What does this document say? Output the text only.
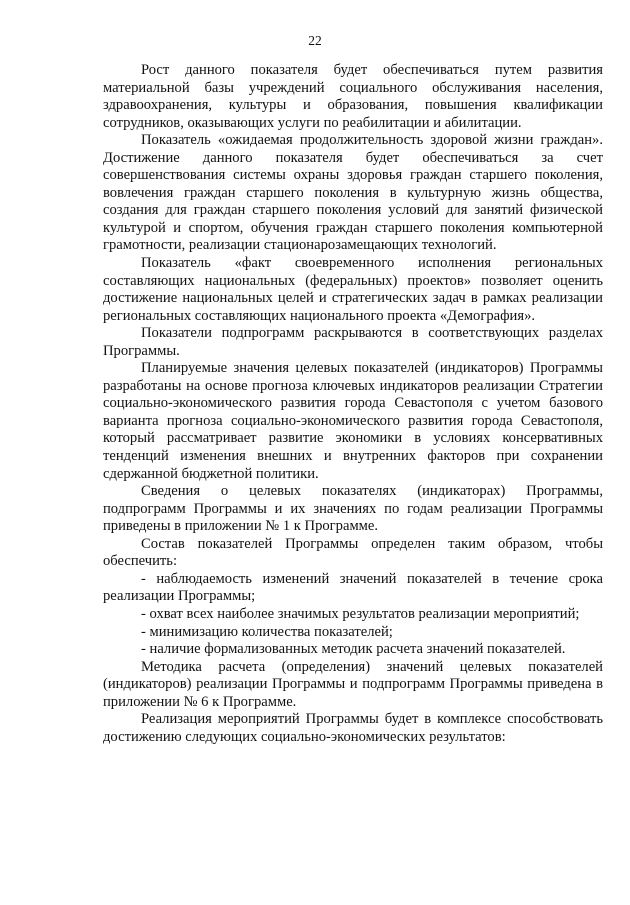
22

Рост данного показателя будет обеспечиваться путем развития материальной базы учреждений социального обслуживания населения, здравоохранения, культуры и образования, повышения квалификации сотрудников, оказывающих услуги по реабилитации и абилитации.

Показатель «ожидаемая продолжительность здоровой жизни граждан». Достижение данного показателя будет обеспечиваться за счет совершенствования системы охраны здоровья граждан старшего поколения, вовлечения граждан старшего поколения в культурную жизнь общества, создания для граждан старшего поколения условий для занятий физической культурой и спортом, обучения граждан старшего поколения компьютерной грамотности, реализации стационарозамещающих технологий.

Показатель «факт своевременного исполнения региональных составляющих национальных (федеральных) проектов» позволяет оценить достижение национальных целей и стратегических задач в рамках реализации региональных составляющих национального проекта «Демография».

Показатели подпрограмм раскрываются в соответствующих разделах Программы.

Планируемые значения целевых показателей (индикаторов) Программы разработаны на основе прогноза ключевых индикаторов реализации Стратегии социально-экономического развития города Севастополя с учетом базового варианта прогноза социально-экономического развития города Севастополя, который рассматривает развитие экономики в условиях консервативных тенденций изменения внешних и внутренних факторов при сохранении сдержанной бюджетной политики.

Сведения о целевых показателях (индикаторах) Программы, подпрограмм Программы и их значениях по годам реализации Программы приведены в приложении № 1 к Программе.

Состав показателей Программы определен таким образом, чтобы обеспечить:

- наблюдаемость изменений значений показателей в течение срока реализации Программы;

- охват всех наиболее значимых результатов реализации мероприятий;

- минимизацию количества показателей;

- наличие формализованных методик расчета значений показателей.

Методика расчета (определения) значений целевых показателей (индикаторов) реализации Программы и подпрограмм Программы приведена в приложении № 6 к Программе.

Реализация мероприятий Программы будет в комплексе способствовать достижению следующих социально-экономических результатов:
